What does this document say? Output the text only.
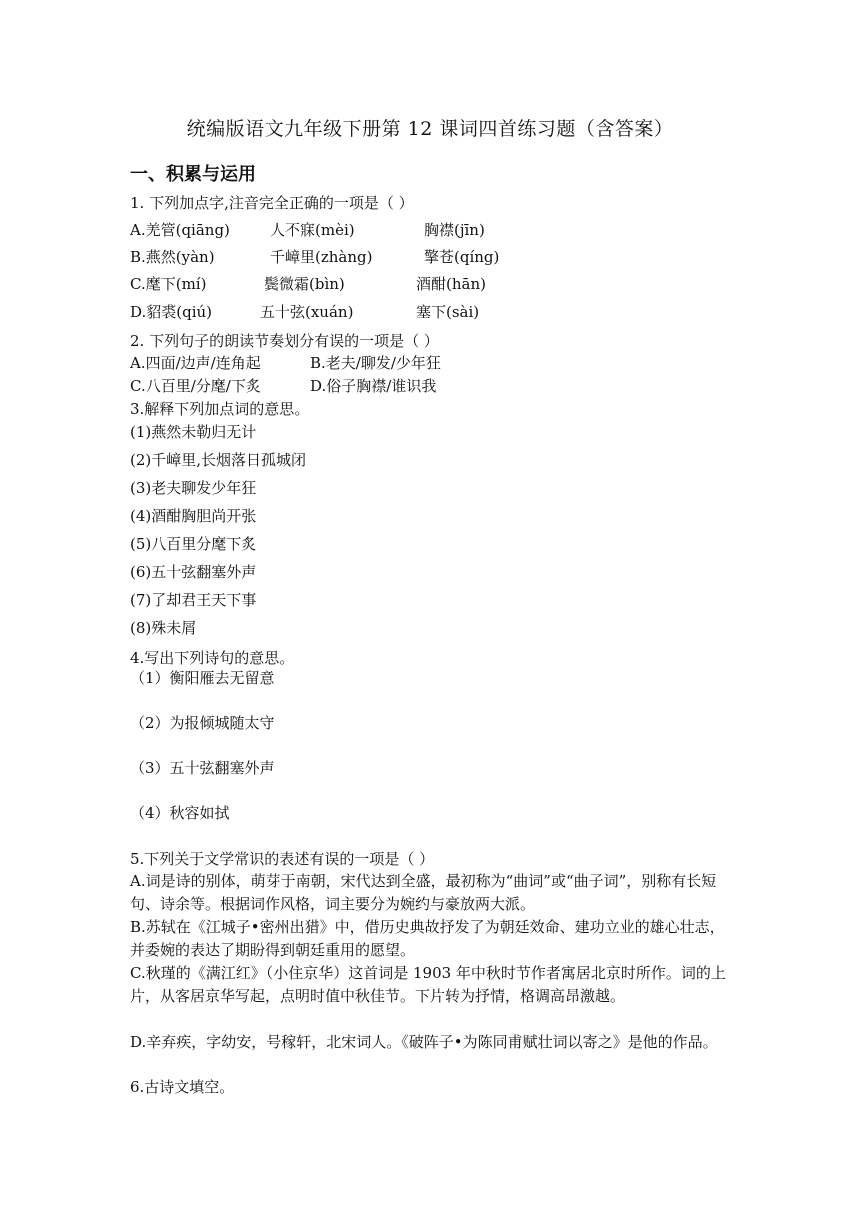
统编版语文九年级下册第 12 课词四首练习题（含答案）
一、积累与运用
1. 下列加点字,注音完全正确的一项是（ ）
A.羌管(qiāng)	人不寐(mèi)	胸襟(jīn)
B.燕然(yàn)	千嶂里(zhàng)	擎苍(qíng)
C.麾下(mí)	鬓微霜(bìn)	酒酣(hān)
D.貂裘(qiú)	五十弦(xuán)	塞下(sài)
2. 下列句子的朗读节奏划分有误的一项是（ ）
A.四面/边声/连角起	B.老夫/聊发/少年狂
C.八百里/分麾/下炙	D.俗子胸襟/谁识我
3.解释下列加点词的意思。
(1)燕然未勒归无计
(2)千嶂里,长烟落日孤城闭
(3)老夫聊发少年狂
(4)酒酣胸胆尚开张
(5)八百里分麾下炙
(6)五十弦翻塞外声
(7)了却君王天下事
(8)殊未屑
4.写出下列诗句的意思。
（1）衡阳雁去无留意
（2）为报倾城随太守
（3）五十弦翻塞外声
（4）秋容如拭
5.下列关于文学常识的表述有误的一项是（ ）
A.词是诗的别体，萌芽于南朝，宋代达到全盛，最初称为“曲词”或“曲子词”，别称有长短句、诗余等。根据词作风格，词主要分为婉约与豪放两大派。
B.苏轼在《江城子•密州出猎》中，借历史典故抒发了为朝廷效命、建功立业的雄心壮志，并委婉的表达了期盼得到朝廷重用的愿望。
C.秋瑾的《满江红》（小住京华）这首词是 1903 年中秋时节作者寓居北京时所作。词的上片，从客居京华写起，点明时值中秋佳节。下片转为抒情，格调高昂激越。
D.辛弃疾，字幼安，号稼轩，北宋词人。《破阵子•为陈同甫赋壮词以寄之》是他的作品。
6.古诗文填空。
